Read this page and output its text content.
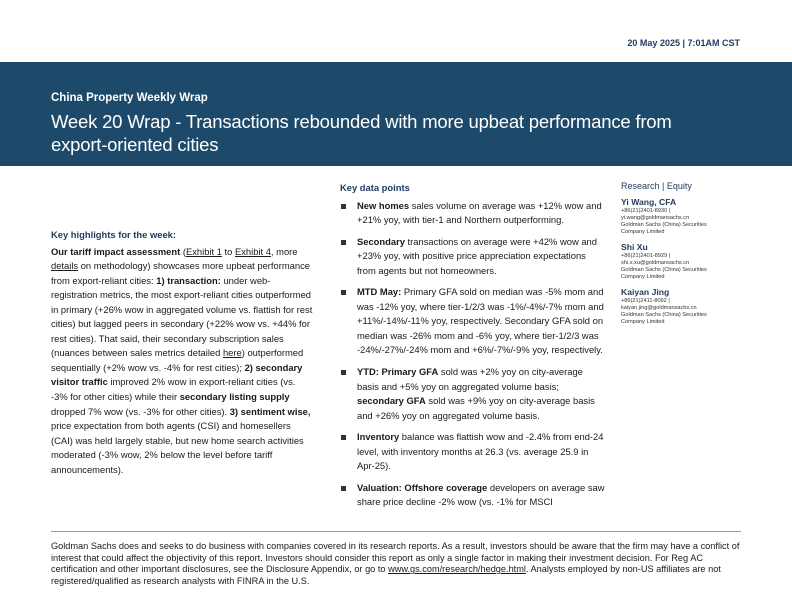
20 May 2025 | 7:01AM CST
China Property Weekly Wrap
Week 20 Wrap - Transactions rebounded with more upbeat performance from export-oriented cities
Key highlights for the week:
Our tariff impact assessment (Exhibit 1 to Exhibit 4, more details on methodology) showcases more upbeat performance from export-reliant cities: 1) transaction: under web-registration metrics, the most export-reliant cities outperformed in primary (+26% wow in aggregated volume vs. flattish for rest cities) but lagged peers in secondary (+22% wow vs. +44% for rest cities). That said, their secondary subscription sales (nuances between sales metrics detailed here) outperformed sequentially (+2% wow vs. -4% for rest cities); 2) secondary visitor traffic improved 2% wow in export-reliant cities (vs. -3% for other cities) while their secondary listing supply dropped 7% wow (vs. -3% for other cities). 3) sentiment wise, price expectation from both agents (CSI) and homesellers (CAI) was held largely stable, but new home search activities moderated (-3% wow, 2% below the level before tariff announcements).
Key data points
New homes sales volume on average was +12% wow and +21% yoy, with tier-1 and Northern outperforming.
Secondary transactions on average were +42% wow and +23% yoy, with positive price appreciation expectations from agents but not homeowners.
MTD May: Primary GFA sold on median was -5% mom and was -12% yoy, where tier-1/2/3 was -1%/-4%/-7% mom and +11%/-14%/-11% yoy, respectively. Secondary GFA sold on median was -26% mom and -6% yoy, where tier-1/2/3 was -24%/-27%/-24% mom and +6%/-7%/-9% yoy, respectively.
YTD: Primary GFA sold was +2% yoy on city-average basis and +5% yoy on aggregated volume basis; secondary GFA sold was +9% yoy on city-average basis and +26% yoy on aggregated volume basis.
Inventory balance was flattish wow and -2.4% from end-24 level, with inventory months at 26.3 (vs. average 25.9 in Apr-25).
Valuation: Offshore coverage developers on average saw share price decline -2% wow (vs. -1% for MSCI
Research | Equity
Yi Wang, CFA
+86(21)2401-8930 |
yi.wang@goldmansachs.cn
Goldman Sachs (China) Securities
Company Limited
Shi Xu
+86(21)2401-8929 |
shi.x.xu@goldmansachs.cn
Goldman Sachs (China) Securities
Company Limited
Kaiyan Jing
+86(21)2411-8092 |
kaiyan.jing@goldmansachs.cn
Goldman Sachs (China) Securities
Company Limited
Goldman Sachs does and seeks to do business with companies covered in its research reports. As a result, investors should be aware that the firm may have a conflict of interest that could affect the objectivity of this report. Investors should consider this report as only a single factor in making their investment decision. For Reg AC certification and other important disclosures, see the Disclosure Appendix, or go to www.gs.com/research/hedge.html. Analysts employed by non-US affiliates are not registered/qualified as research analysts with FINRA in the U.S.
